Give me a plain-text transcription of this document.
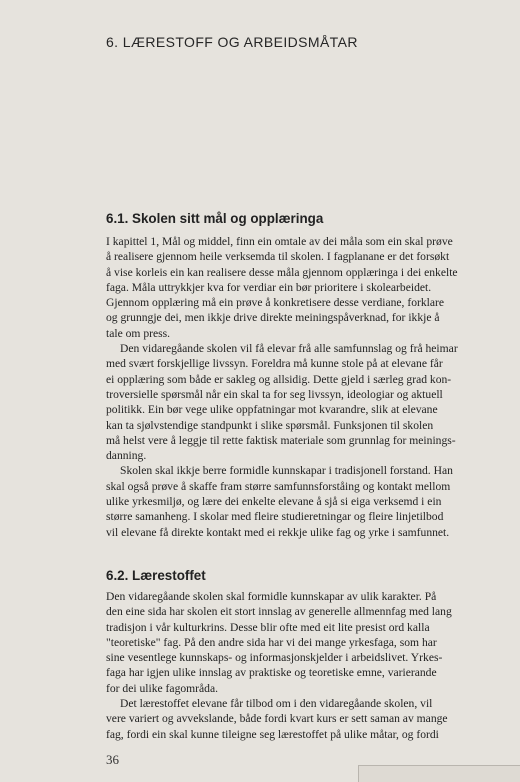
6. LÆRESTOFF OG ARBEIDSMÅTAR
6.1. Skolen sitt mål og opplæringa
I kapittel 1, Mål og middel, finn ein omtale av dei måla som ein skal prøve
å realisere gjennom heile verksemda til skolen. I fagplanane er det forsøkt
å vise korleis ein kan realisere desse måla gjennom opplæringa i dei enkelte
faga. Måla uttrykkjer kva for verdiar ein bør prioritere i skolearbeidet.
Gjennom opplæring må ein prøve å konkretisere desse verdiane, forklare
og grunngje dei, men ikkje drive direkte meiningspåverknad, for ikkje å
tale om press.
Den vidaregåande skolen vil få elevar frå alle samfunnslag og frå heimar
med svært forskjellige livssyn. Foreldra må kunne stole på at elevane får
ei opplæring som både er sakleg og allsidig. Dette gjeld i særleg grad kon-
troversielle spørsmål når ein skal ta for seg livssyn, ideologiar og aktuell
politikk. Ein bør vege ulike oppfatningar mot kvarandre, slik at elevane
kan ta sjølvstendige standpunkt i slike spørsmål. Funksjonen til skolen
må helst vere å leggje til rette faktisk materiale som grunnlag for meinings-
danning.
Skolen skal ikkje berre formidle kunnskapar i tradisjonell forstand. Han
skal også prøve å skaffe fram større samfunnsforståing og kontakt mellom
ulike yrkesmiljø, og lære dei enkelte elevane å sjå si eiga verksemd i ein
større samanheng. I skolar med fleire studieretningar og fleire linjetilbod
vil elevane få direkte kontakt med ei rekkje ulike fag og yrke i samfunnet.
6.2. Lærestoffet
Den vidaregåande skolen skal formidle kunnskapar av ulik karakter. På
den eine sida har skolen eit stort innslag av generelle allmennfag med lang
tradisjon i vår kulturkrins. Desse blir ofte med eit lite presist ord kalla
"teoretiske" fag. På den andre sida har vi dei mange yrkesfaga, som har
sine vesentlege kunnskaps- og informasjonskjelder i arbeidslivet. Yrkes-
faga har igjen ulike innslag av praktiske og teoretiske emne, varierande
for dei ulike fagområda.
Det lærestoffet elevane får tilbod om i den vidaregåande skolen, vil
vere variert og avvekslande, både fordi kvart kurs er sett saman av mange
fag, fordi ein skal kunne tileigne seg lærestoffet på ulike måtar, og fordi
36
